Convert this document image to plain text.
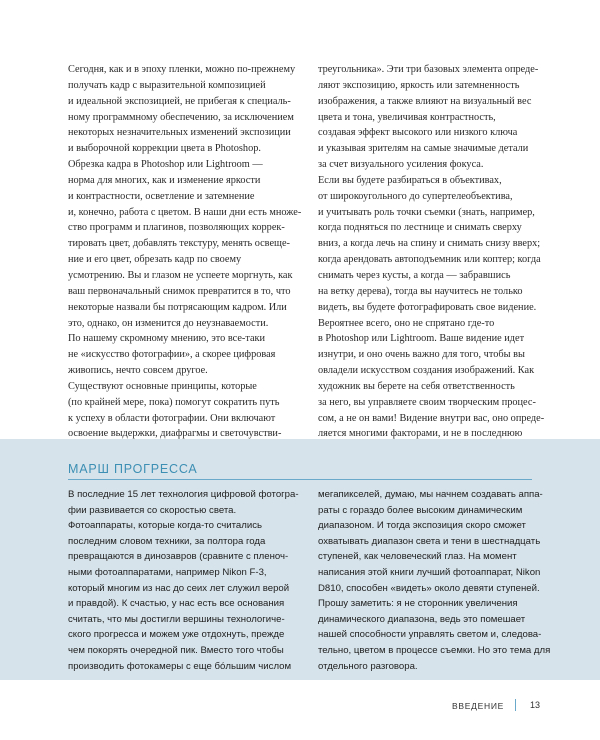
Сегодня, как и в эпоху пленки, можно по-прежнему
получать кадр с выразительной композицией
и идеальной экспозицией, не прибегая к специаль-
ному программному обеспечению, за исключением
некоторых незначительных изменений экспозиции
и выборочной коррекции цвета в Photoshop.
Обрезка кадра в Photoshop или Lightroom —
норма для многих, как и изменение яркости
и контрастности, осветление и затемнение
и, конечно, работа с цветом. В наши дни есть множе-
ство программ и плагинов, позволяющих коррек-
тировать цвет, добавлять текстуру, менять освеще-
ние и его цвет, обрезать кадр по своему
усмотрению. Вы и глазом не успеете моргнуть, как
ваш первоначальный снимок превратится в то, что
некоторые назвали бы потрясающим кадром. Или
это, однако, он изменится до неузнаваемости.
По нашему скромному мнению, это все-таки
не «искусство фотографии», а скорее цифровая
живопись, нечто совсем другое.
Существуют основные принципы, которые
(по крайней мере, пока) помогут сократить путь
к успеху в области фотографии. Они включают
освоение выдержки, диафрагмы и светочувстви-
треугольника». Эти три базовых элемента опреде-
ляют экспозицию, яркость или затемненность
изображения, а также влияют на визуальный вес
цвета и тона, увеличивая контрастность,
создавая эффект высокого или низкого ключа
и указывая зрителям на самые значимые детали
за счет визуального усиления фокуса.
Если вы будете разбираться в объективах,
от широкоугольного до супертелеобъектива,
и учитывать роль точки съемки (знать, например,
когда подняться по лестнице и снимать сверху
вниз, а когда лечь на спину и снимать снизу вверх;
когда арендовать автоподъемник или коптер; когда
снимать через кусты, а когда — забравшись
на ветку дерева), тогда вы научитесь не только
видеть, вы будете фотографировать свое видение.
Вероятнее всего, оно не спрятано где-то
в Photoshop или Lightroom. Ваше видение идет
изнутри, и оно очень важно для того, чтобы вы
овладели искусством создания изображений. Как
художник вы берете на себя ответственность
за него, вы управляете своим творческим процес-
сом, а не он вами! Видение внутри вас, оно опреде-
ляется многими факторами, и не в последнюю
МАРШ ПРОГРЕССА
В последние 15 лет технология цифровой фотогра-
фии развивается со скоростью света.
Фотоаппараты, которые когда-то считались
последним словом техники, за полтора года
превращаются в динозавров (сравните с пленоч-
ными фотоаппаратами, например Nikon F-3,
который многим из нас до сеих лет служил верой
и правдой). К счастью, у нас есть все основания
считать, что мы достигли вершины технологиче-
ского прогресса и можем уже отдохнуть, прежде
чем покорять очередной пик. Вместо того чтобы
производить фотокамеры с еще бо́льшим числом
мегапикселей, думаю, мы начнем создавать аппа-
раты с гораздо более высоким динамическим
диапазоном. И тогда экспозиция скоро сможет
охватывать диапазон света и тени в шестнадцать
ступеней, как человеческий глаз. На момент
написания этой книги лучший фотоаппарат, Nikon
D810, способен «видеть» около девяти ступеней.
Прошу заметить: я не сторонник увеличения
динамического диапазона, ведь это помешает
нашей способности управлять светом и, следова-
тельно, цветом в процессе съемки. Но это тема для
отдельного разговора.
ВВЕДЕНИЕ	13
